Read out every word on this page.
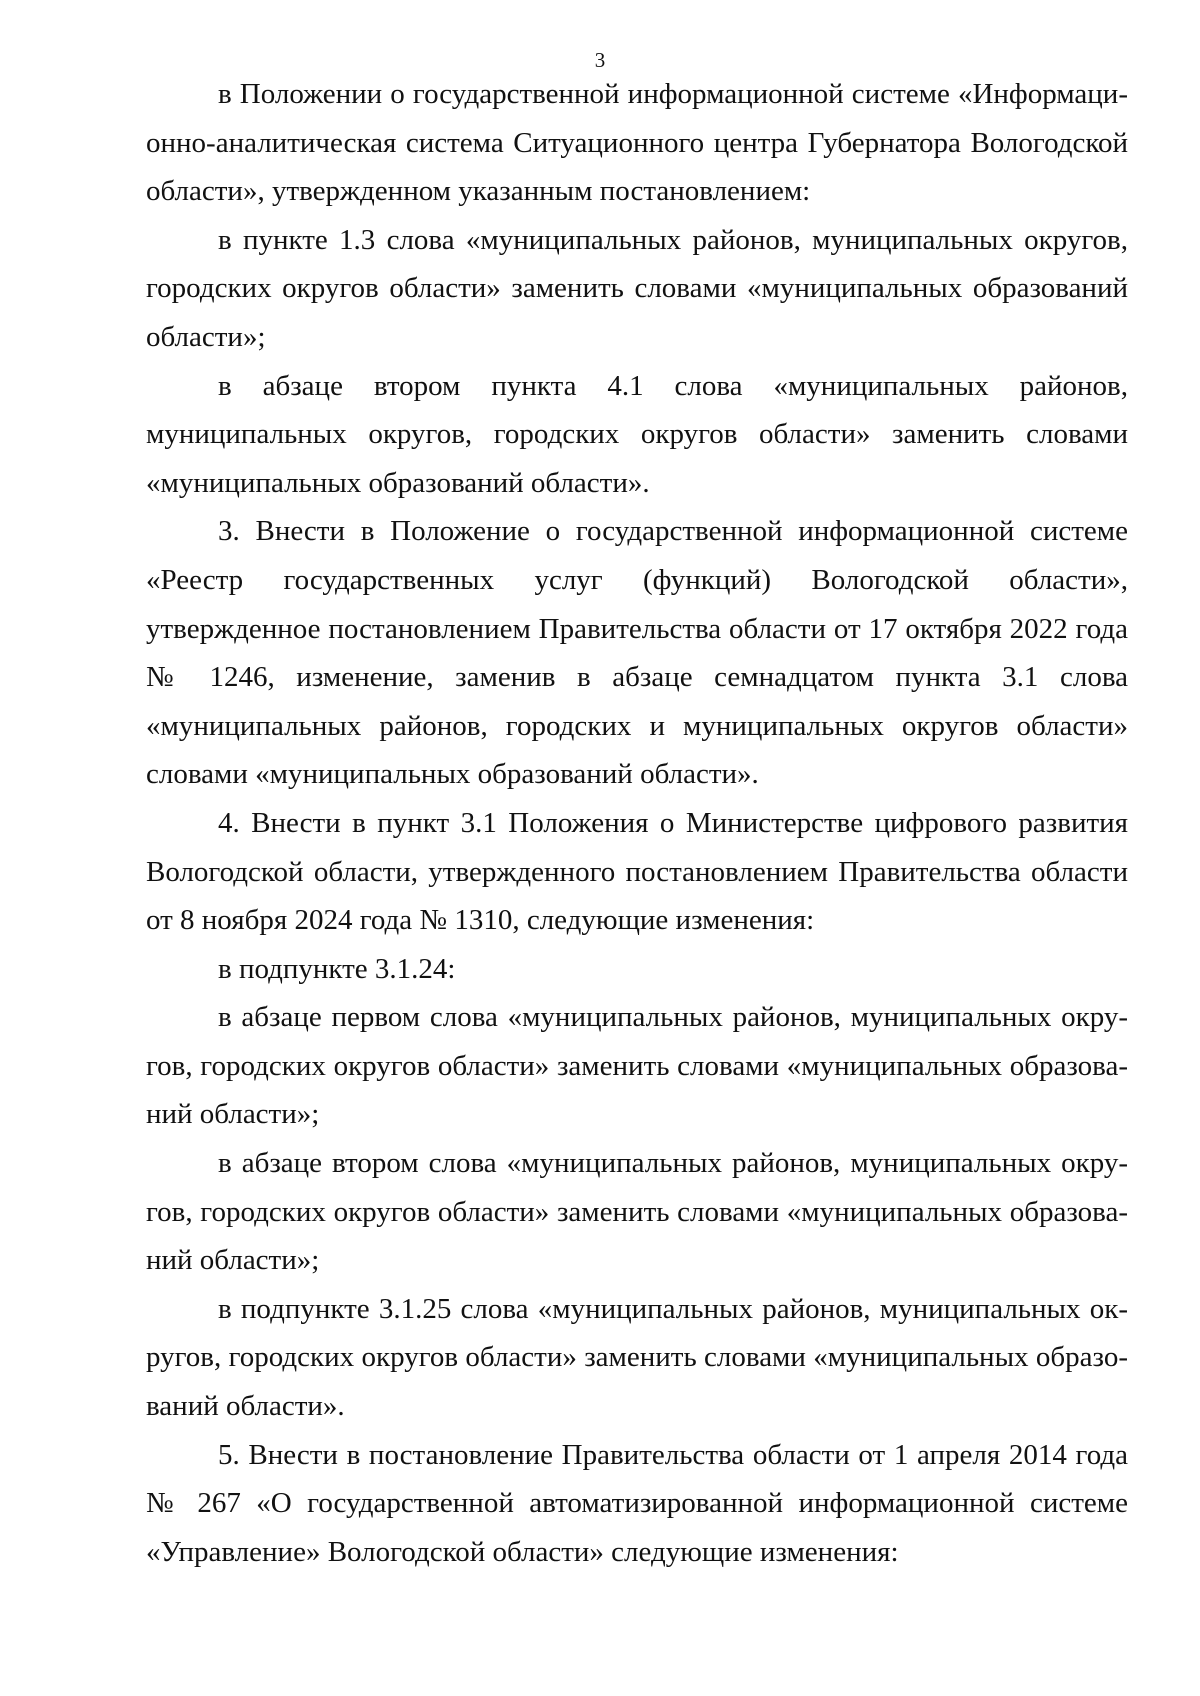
3

в Положении о государственной информационной системе «Информационно-аналитическая система Ситуационного центра Губернатора Вологодской области», утвержденном указанным постановлением:

в пункте 1.3 слова «муниципальных районов, муниципальных округов, городских округов области» заменить словами «муниципальных образований области»;

в абзаце втором пункта 4.1 слова «муниципальных районов, муниципальных округов, городских округов области» заменить словами «муниципальных образований области».

3. Внести в Положение о государственной информационной системе «Реестр государственных услуг (функций) Вологодской области», утвержденное постановлением Правительства области от 17 октября 2022 года № 1246, изменение, заменив в абзаце семнадцатом пункта 3.1 слова «муниципальных районов, городских и муниципальных округов области» словами «муниципальных образований области».

4. Внести в пункт 3.1 Положения о Министерстве цифрового развития Вологодской области, утвержденного постановлением Правительства области от 8 ноября 2024 года № 1310, следующие изменения:

в подпункте 3.1.24:

в абзаце первом слова «муниципальных районов, муниципальных округов, городских округов области» заменить словами «муниципальных образований области»;

в абзаце втором слова «муниципальных районов, муниципальных округов, городских округов области» заменить словами «муниципальных образований области»;

в подпункте 3.1.25 слова «муниципальных районов, муниципальных округов, городских округов области» заменить словами «муниципальных образований области».

5. Внести в постановление Правительства области от 1 апреля 2014 года № 267 «О государственной автоматизированной информационной системе «Управление» Вологодской области» следующие изменения:
